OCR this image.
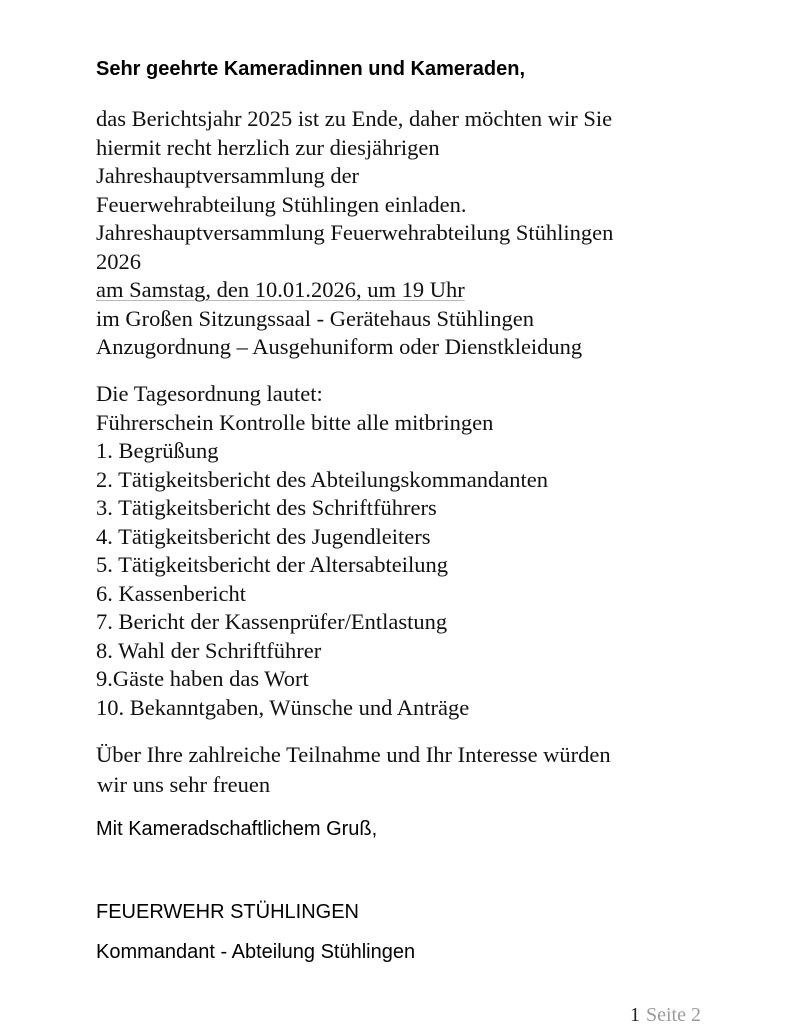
Sehr geehrte Kameradinnen und Kameraden,
das Berichtsjahr 2025 ist zu Ende, daher möchten wir Sie
hiermit recht herzlich zur diesjährigen
Jahreshauptversammlung der
Feuerwehrabteilung Stühlingen einladen.
Jahreshauptversammlung Feuerwehrabteilung Stühlingen
2026
am Samstag, den 10.01.2026, um 19 Uhr
im Großen Sitzungssaal - Gerätehaus Stühlingen
Anzugordnung – Ausgehuniform oder Dienstkleidung
Die Tagesordnung lautet:
Führerschein Kontrolle bitte alle mitbringen
1. Begrüßung
2. Tätigkeitsbericht des Abteilungskommandanten
3. Tätigkeitsbericht des Schriftführers
4. Tätigkeitsbericht des Jugendleiters
5. Tätigkeitsbericht der Altersabteilung
6. Kassenbericht
7. Bericht der Kassenprüfer/Entlastung
8. Wahl der Schriftführer
9.Gäste haben das Wort
10. Bekanntgaben, Wünsche und Anträge
Über Ihre zahlreiche Teilnahme und Ihr Interesse würden
wir uns sehr freuen
Mit Kameradschaftlichem Gruß,
FEUERWEHR STÜHLINGEN
Kommandant - Abteilung Stühlingen
1 Seite 2
